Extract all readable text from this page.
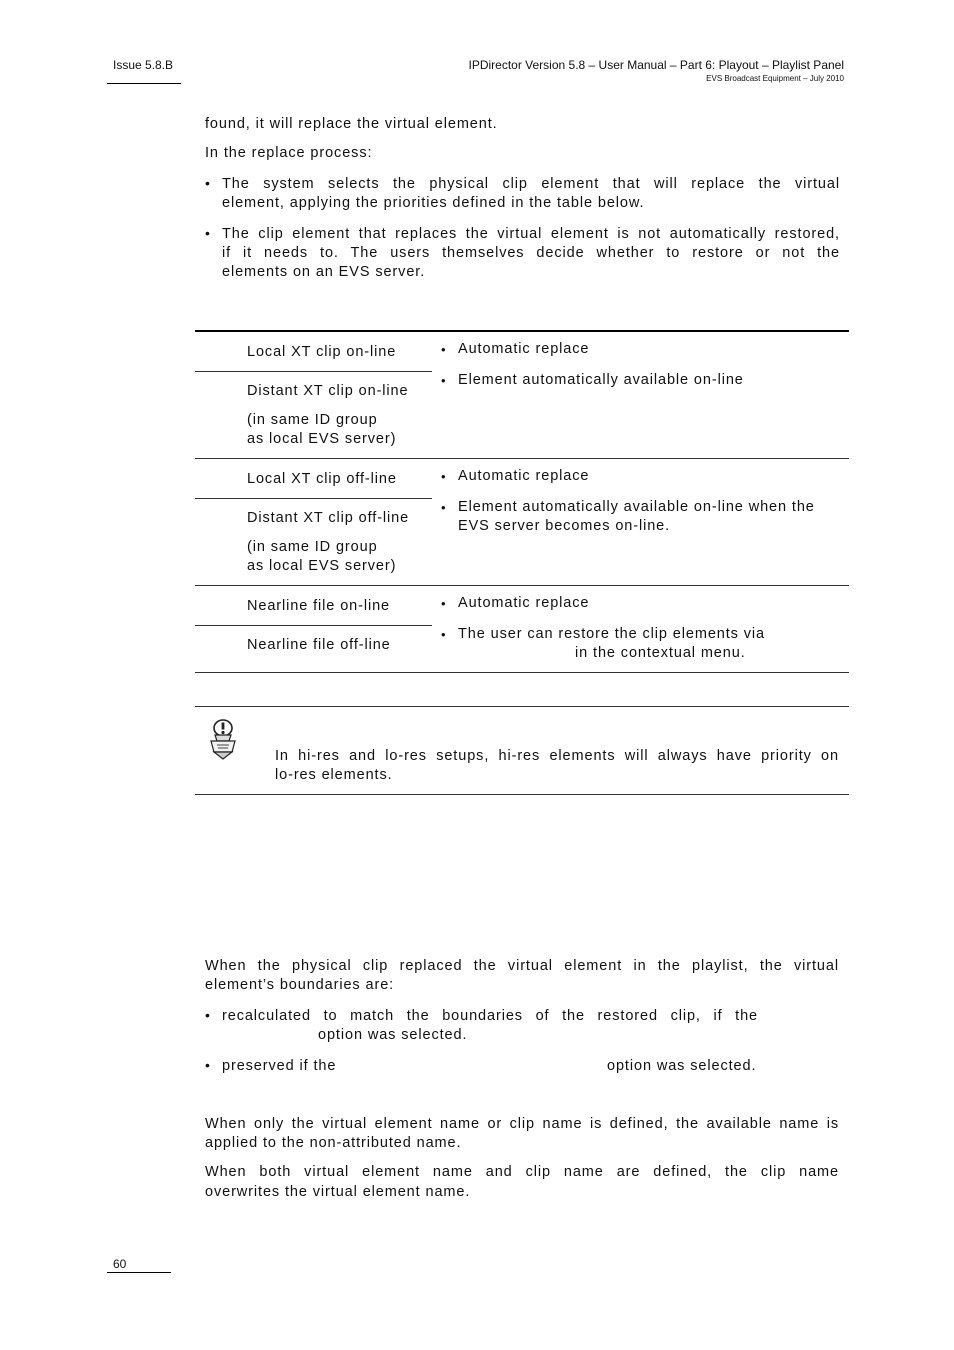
Issue 5.8.B	IPDirector Version 5.8 – User Manual – Part 6: Playout – Playlist Panel
EVS Broadcast Equipment – July 2010
found, it will replace the virtual element.
In the replace process:
• The system selects the physical clip element that will replace the virtual
element, applying the priorities defined in the table below.
• The clip element that replaces the virtual element is not automatically restored,
if it needs to. The users themselves decide whether to restore or not the
elements on an EVS server.
Local XT clip on-line
Distant XT clip on-line
(in same ID group
as local EVS server)
• Automatic replace
• Element automatically available on-line
Local XT clip off-line
Distant XT clip off-line
(in same ID group
as local EVS server)
• Automatic replace
• Element automatically available on-line when the
EVS server becomes on-line.
Nearline file on-line
Nearline file off-line
• Automatic replace
• The user can restore the clip elements via
in the contextual menu.
In hi-res and lo-res setups, hi-res elements will always have priority on
lo-res elements.
When the physical clip replaced the virtual element in the playlist, the virtual
element’s boundaries are:
• recalculated to match the boundaries of the restored clip, if the
option was selected.
• preserved if the	option was selected.
When only the virtual element name or clip name is defined, the available name is
applied to the non-attributed name.
When both virtual element name and clip name are defined, the clip name
overwrites the virtual element name.
60
